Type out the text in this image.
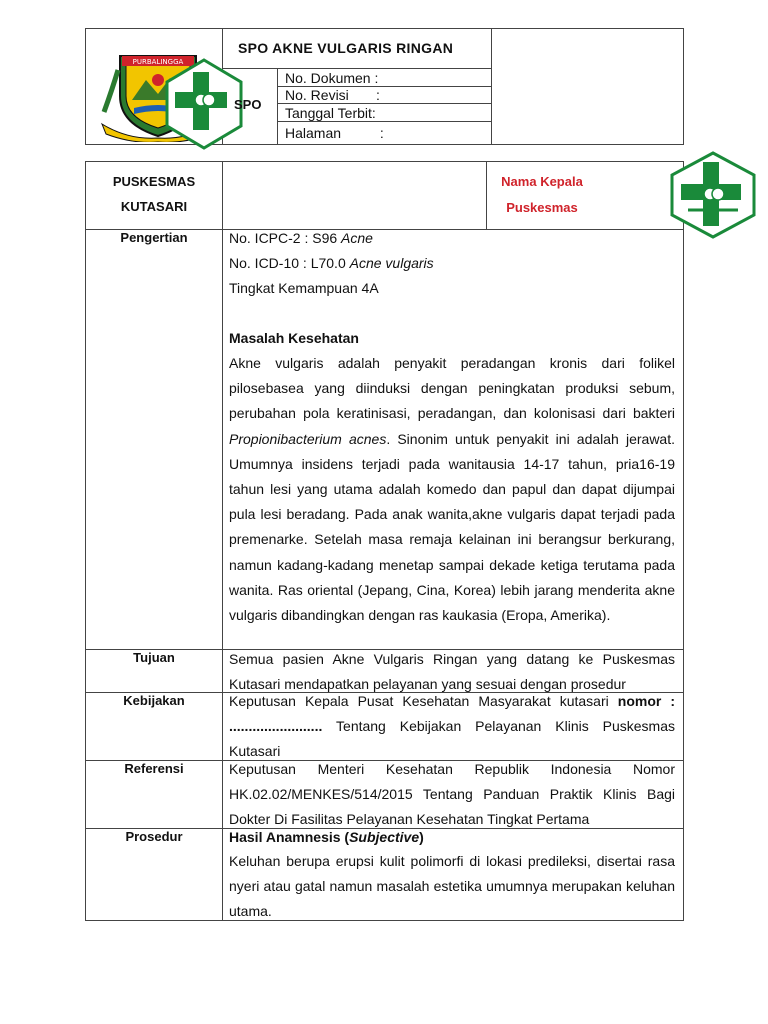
PURBALINGGA
SPO AKNE VULGARIS RINGAN
SPO
No. Dokumen :
No. Revisi       :
Tanggal Terbit:
Halaman          :
PUSKESMAS
KUTASARI
Nama Kepala
Puskesmas
Pengertian	No. ICPC-2 : S96 Acne
No. ICD-10 : L70.0 Acne vulgaris
Tingkat Kemampuan 4A
Masalah Kesehatan

Akne vulgaris adalah penyakit peradangan kronis dari folikel pilosebasea yang diinduksi dengan peningkatan produksi sebum, perubahan pola keratinisasi, peradangan, dan kolonisasi dari bakteri Propionibacterium acnes. Sinonim untuk penyakit ini adalah jerawat. Umumnya insidens terjadi pada wanitausia 14-17 tahun, pria16-19 tahun lesi yang utama adalah komedo dan papul dan dapat dijumpai pula lesi beradang. Pada anak wanita,akne vulgaris dapat terjadi pada premenarke. Setelah masa remaja kelainan ini berangsur berkurang, namun kadang-kadang menetap sampai dekade ketiga terutama pada wanita. Ras oriental (Jepang, Cina, Korea) lebih jarang menderita akne vulgaris dibandingkan dengan ras kaukasia (Eropa, Amerika).

Tujuan	Semua pasien Akne Vulgaris Ringan yang datang ke Puskesmas Kutasari mendapatkan pelayanan yang sesuai dengan prosedur
Kebijakan	Keputusan Kepala Pusat Kesehatan Masyarakat kutasari nomor : ........................ Tentang Kebijakan Pelayanan Klinis Puskesmas Kutasari
Referensi	Keputusan Menteri Kesehatan Republik Indonesia Nomor HK.02.02/MENKES/514/2015 Tentang Panduan Praktik Klinis Bagi Dokter Di Fasilitas Pelayanan Kesehatan Tingkat Pertama
Prosedur	Hasil Anamnesis (Subjective)
Keluhan berupa erupsi kulit polimorfi di lokasi predileksi, disertai rasa nyeri atau gatal namun masalah estetika umumnya merupakan keluhan utama.
